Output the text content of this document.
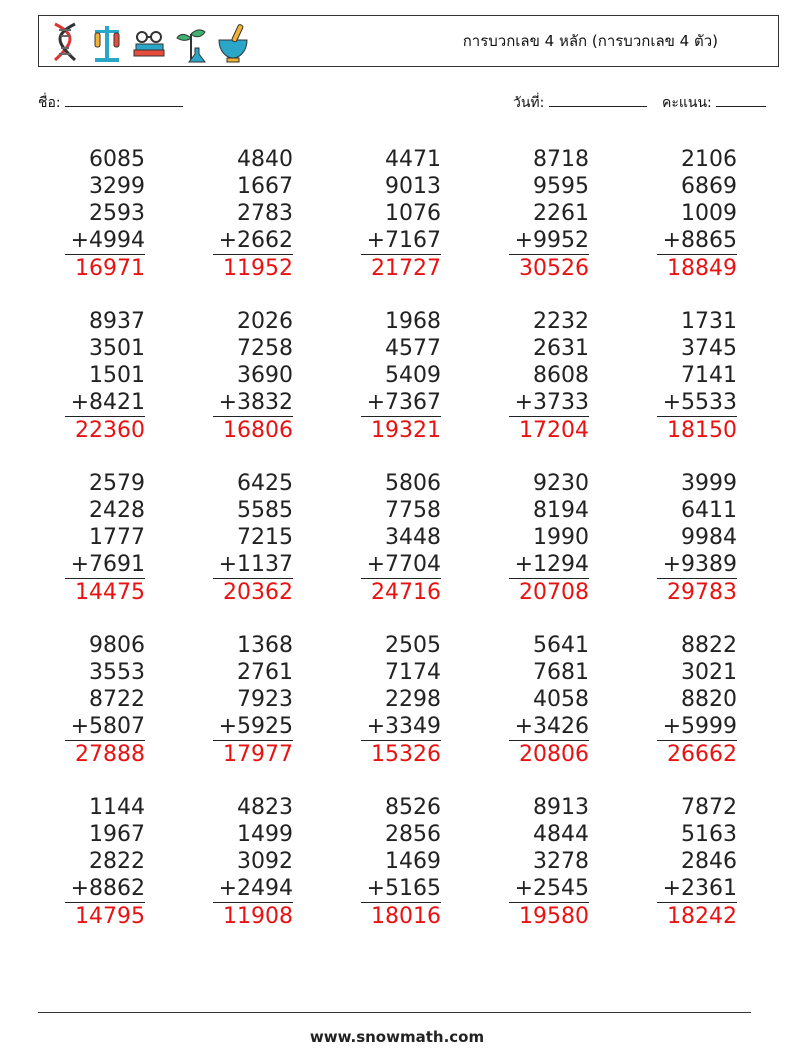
การบวกเลข 4 หลัก (การบวกเลข 4 ตัว)
ชื่อ:	วันที่:	คะแนน:
6085
3299
2593
+4994
16971
4840
1667
2783
+2662
11952
4471
9013
1076
+7167
21727
8718
9595
2261
+9952
30526
2106
6869
1009
+8865
18849
8937
3501
1501
+8421
22360
2026
7258
3690
+3832
16806
1968
4577
5409
+7367
19321
2232
2631
8608
+3733
17204
1731
3745
7141
+5533
18150
2579
2428
1777
+7691
14475
6425
5585
7215
+1137
20362
5806
7758
3448
+7704
24716
9230
8194
1990
+1294
20708
3999
6411
9984
+9389
29783
9806
3553
8722
+5807
27888
1368
2761
7923
+5925
17977
2505
7174
2298
+3349
15326
5641
7681
4058
+3426
20806
8822
3021
8820
+5999
26662
1144
1967
2822
+8862
14795
4823
1499
3092
+2494
11908
8526
2856
1469
+5165
18016
8913
4844
3278
+2545
19580
7872
5163
2846
+2361
18242
www.snowmath.com
